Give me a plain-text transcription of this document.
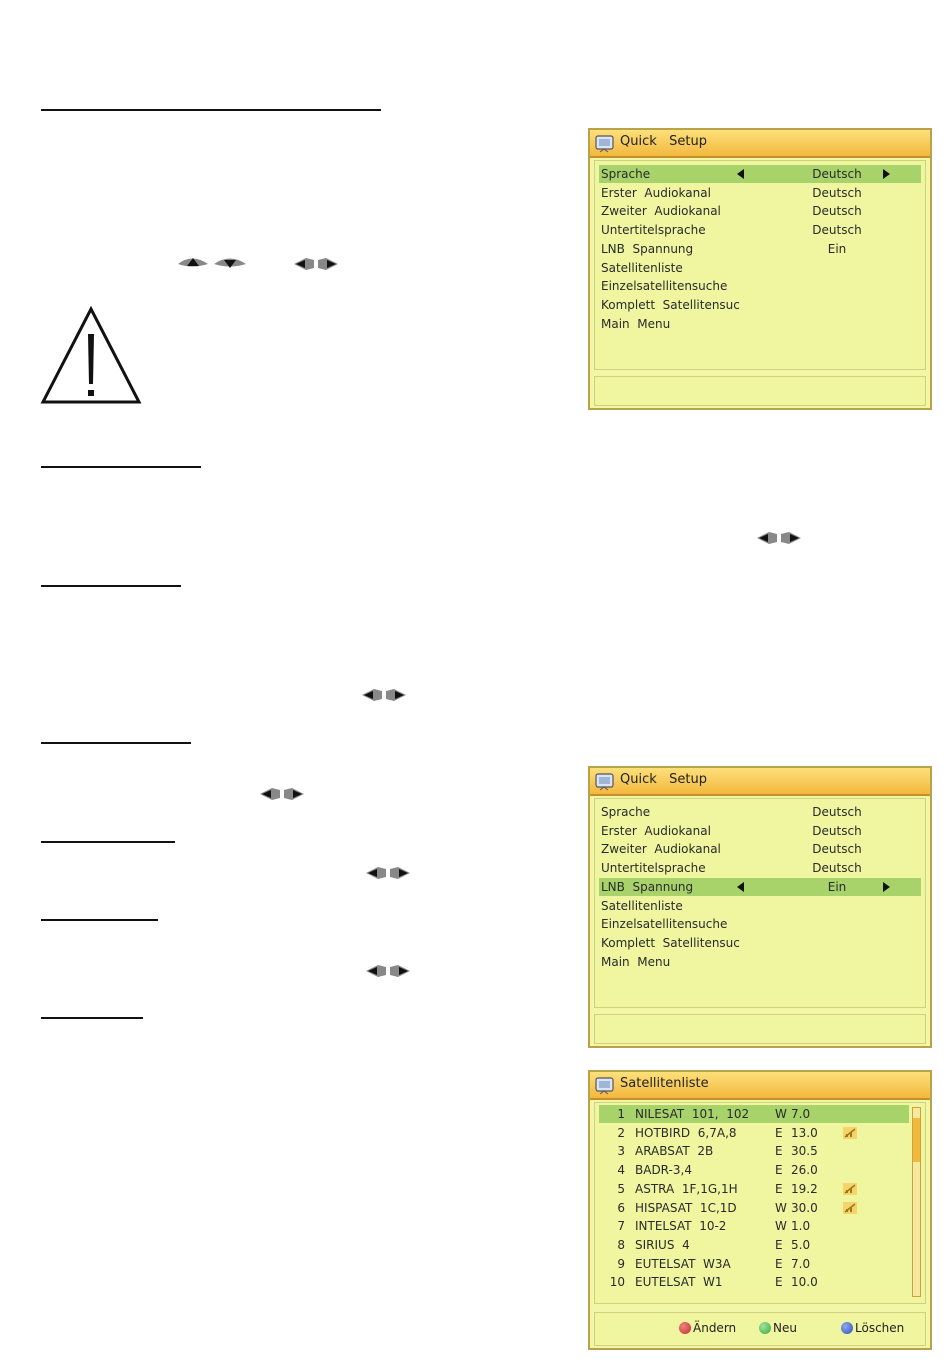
Quick   Setup
Sprache	Deutsch
Erster  Audiokanal	Deutsch
Zweiter  Audiokanal	Deutsch
Untertitelsprache	Deutsch
LNB  Spannung	Ein
Satellitenliste
Einzelsatellitensuche
Komplett  Satellitensuc
Main  Menu
Quick   Setup
Sprache	Deutsch
Erster  Audiokanal	Deutsch
Zweiter  Audiokanal	Deutsch
Untertitelsprache	Deutsch
LNB  Spannung	Ein
Satellitenliste
Einzelsatellitensuche
Komplett  Satellitensuc
Main  Menu
Satellitenliste
1 NILESAT  101,  102 W 7.0
2 HOTBIRD  6,7A,8	E 13.0
3 ARABSAT  2B	E 30.5
4 BADR-3,4	E 26.0
5 ASTRA  1F,1G,1H	E 19.2
6 HISPASAT  1C,1D	W 30.0
7 INTELSAT  10-2	W 1.0
8 SIRIUS  4	E 5.0
9 EUTELSAT  W3A	E 7.0
10 EUTELSAT  W1	E 10.0
Ändern	Neu	Löschen
